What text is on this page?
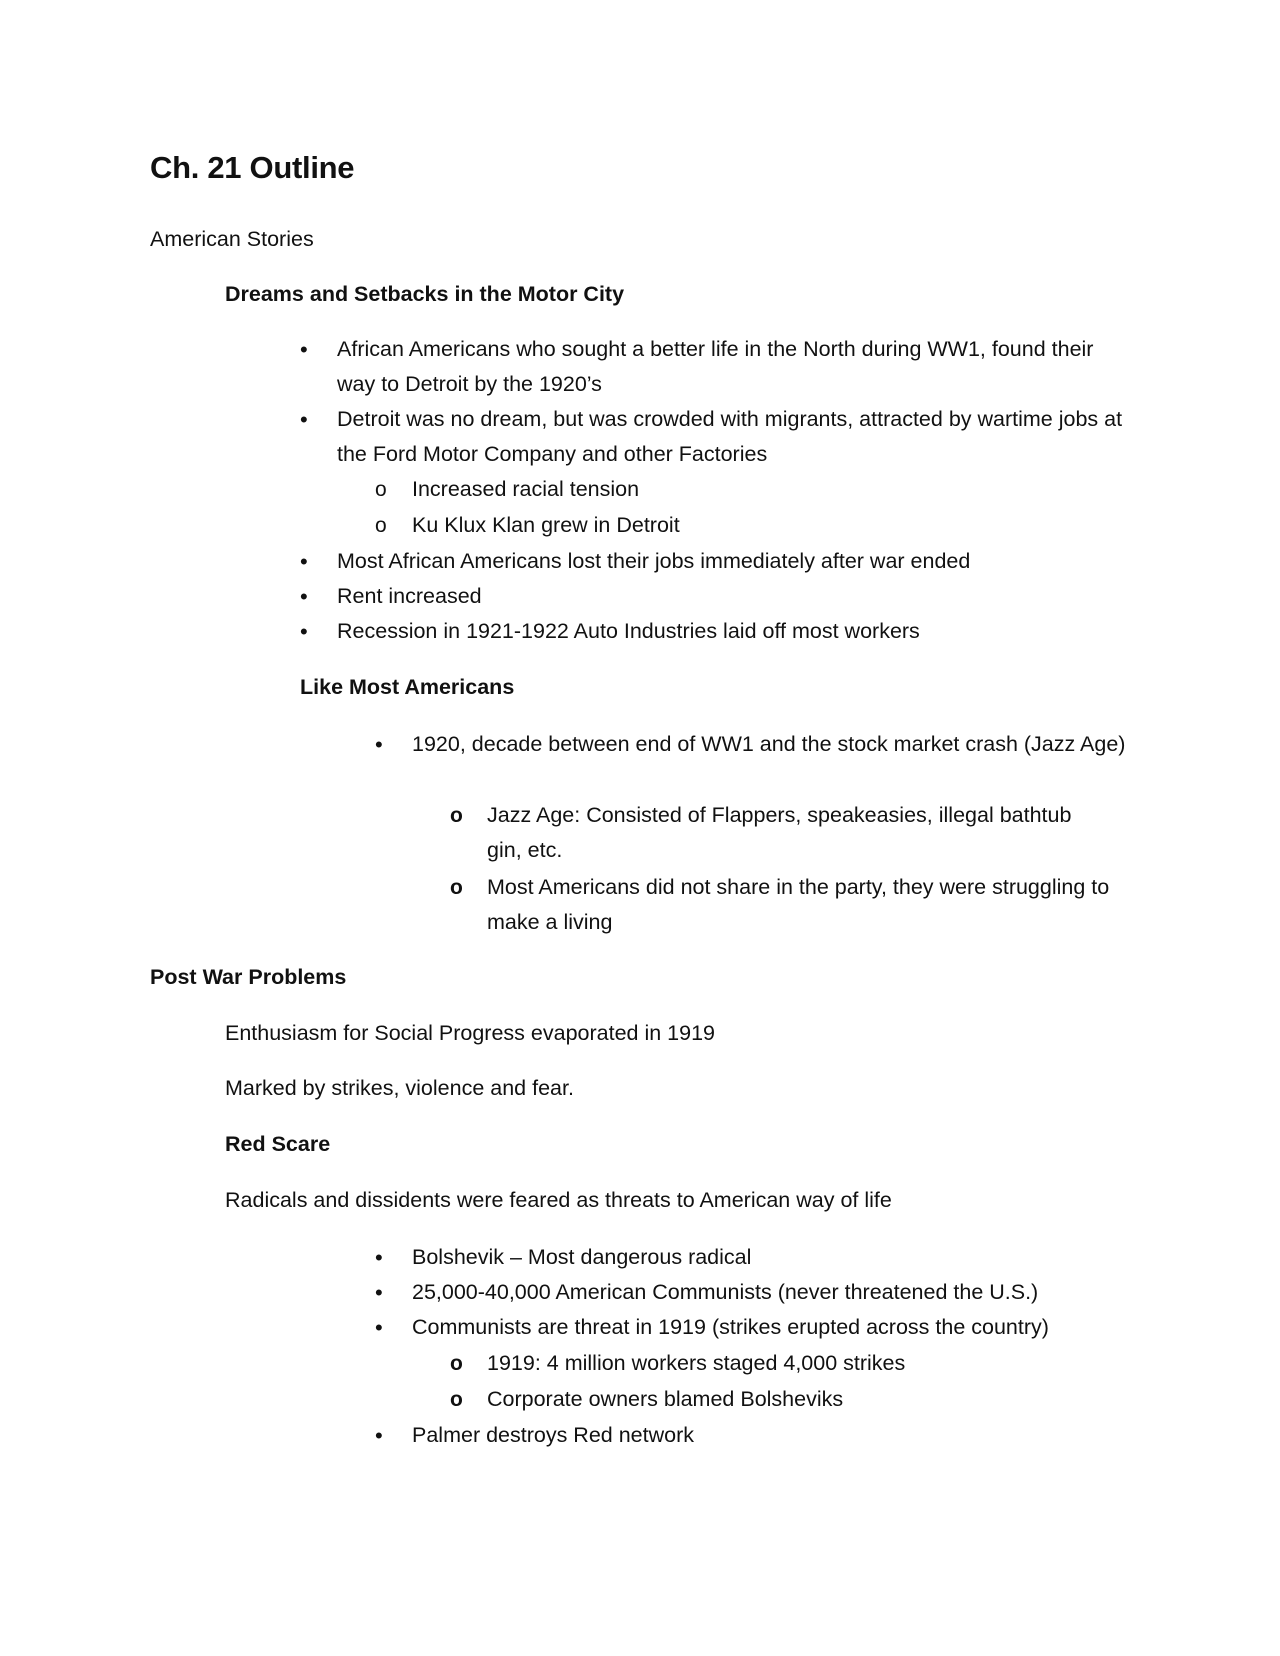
Ch. 21 Outline

American Stories

Dreams and Setbacks in the Motor City

•	African Americans who sought a better life in the North during WW1, found their way to Detroit by the 1920’s
•	Detroit was no dream, but was crowded with migrants, attracted by wartime jobs at the Ford Motor Company and other Factories
o	Increased racial tension
o	Ku Klux Klan grew in Detroit
•	Most African Americans lost their jobs immediately after war ended
•	Rent increased
•	Recession in 1921-1922 Auto Industries laid off most workers

Like Most Americans

•	1920, decade between end of WW1 and the stock market crash (Jazz Age)
o	Jazz Age: Consisted of Flappers, speakeasies, illegal bathtub gin, etc.
o	Most Americans did not share in the party, they were struggling to make a living

Post War Problems

Enthusiasm for Social Progress evaporated in 1919

Marked by strikes, violence and fear.

Red Scare

Radicals and dissidents were feared as threats to American way of life

•	Bolshevik – Most dangerous radical
•	25,000-40,000 American Communists (never threatened the U.S.)
•	Communists are threat in 1919 (strikes erupted across the country)
o	1919: 4 million workers staged 4,000 strikes
o	Corporate owners blamed Bolsheviks
•	Palmer destroys Red network
